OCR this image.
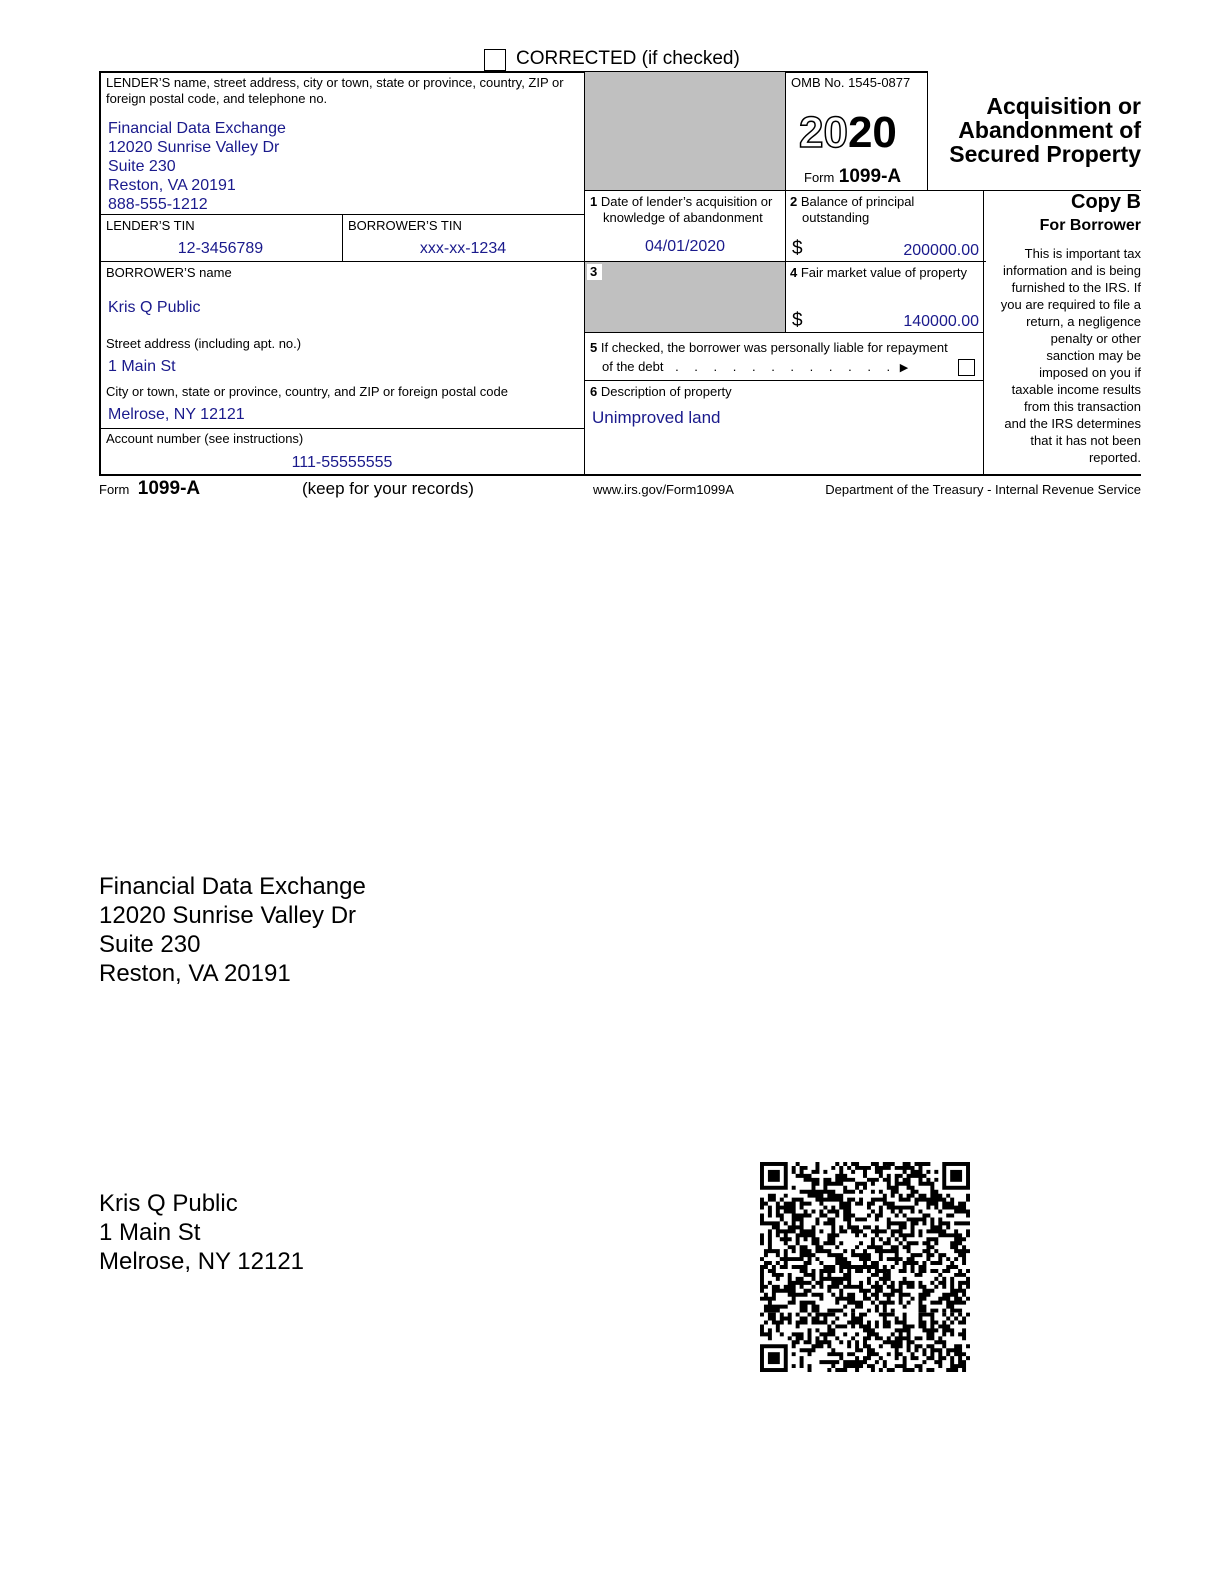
CORRECTED (if checked)
LENDER’S name, street address, city or town, state or province, country, ZIP or foreign postal code, and telephone no.
Financial Data Exchange
12020 Sunrise Valley Dr
Suite 230
Reston, VA 20191
888-555-1212
OMB No. 1545-0877
2020
Form 1099-A
Acquisition or
Abandonment of
Secured Property
Copy B
For Borrower
This is important tax
information and is being
furnished to the IRS. If
you are required to file a
return, a negligence
penalty or other
sanction may be
imposed on you if
taxable income results
from this transaction
and the IRS determines
that it has not been
reported.
LENDER’S TIN
12-3456789
BORROWER’S TIN
xxx-xx-1234
1 Date of lender’s acquisition or
knowledge of abandonment
04/01/2020
2 Balance of principal
outstanding
$	200000.00
3	4 Fair market value of property
$	140000.00
BORROWER’S name
Kris Q Public
Street address (including apt. no.)
1 Main St
5 If checked, the borrower was personally liable for repayment
of the debt . . . . . . . . . . . . ▶
City or town, state or province, country, and ZIP or foreign postal code
Melrose, NY 12121
6 Description of property
Unimproved land
Account number (see instructions)
111-55555555
Form 1099-A	(keep for your records)	www.irs.gov/Form1099A	Department of the Treasury - Internal Revenue Service
Financial Data Exchange
12020 Sunrise Valley Dr
Suite 230
Reston, VA 20191
Kris Q Public
1 Main St
Melrose, NY 12121
